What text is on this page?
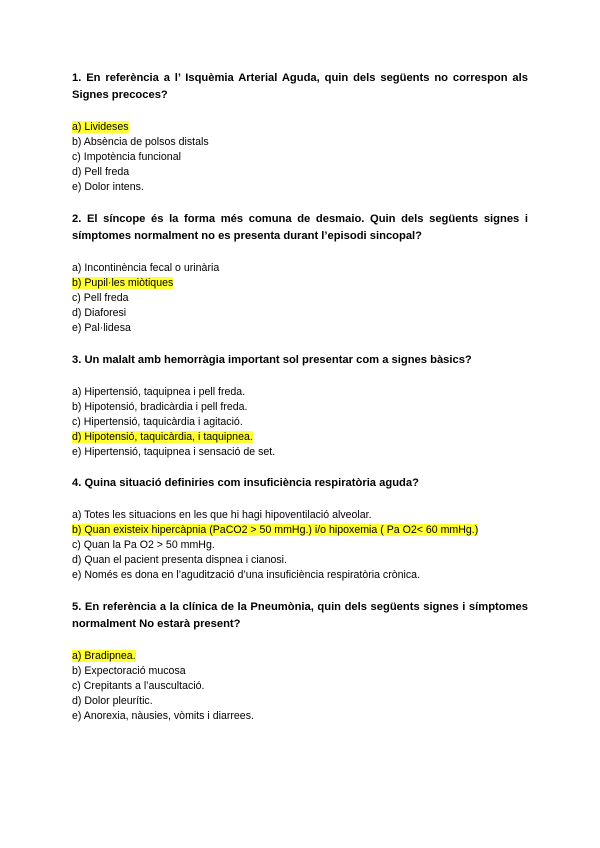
1. En referència a l’ Isquèmia Arterial Aguda, quin dels següents no correspon als Signes precoces?

a) Livideses
b) Absència de polsos distals
c) Impotència funcional
d) Pell freda
e) Dolor intens.

2. El síncope és la forma més comuna de desmaio. Quin dels següents signes i símptomes normalment no es presenta durant l’episodi sincopal?

a) Incontinència fecal o urinària
b) Pupil·les miòtiques
c) Pell freda
d) Diaforesi
e) Pal·lidesa

3. Un malalt amb hemorràgia important sol presentar com a signes bàsics?

a) Hipertensió, taquipnea i pell freda.
b) Hipotensió, bradicàrdia i pell freda.
c) Hipertensió, taquicàrdia i agitació.
d) Hipotensió, taquicàrdia, i taquipnea.
e) Hipertensió, taquipnea i sensació de set.

4. Quina situació definiries com insuficiència respiratòria aguda?

a) Totes les situacions en les que hi hagi hipoventilació alveolar.
b) Quan existeix hipercàpnia (PaCO2 > 50 mmHg.) i/o hipoxemia ( Pa O2< 60 mmHg.)
c) Quan la Pa O2 > 50 mmHg.
d) Quan el pacient presenta dispnea i cianosi.
e) Només es dona en l’agudització d’una insuficiència respiratòria crònica.

5. En referència a la clínica de la Pneumònia, quin dels següents signes i símptomes normalment No estarà present?

a) Bradipnea.
b) Expectoració mucosa
c) Crepitants a l’auscultació.
d) Dolor pleurític.
e) Anorexia, nàusies, vòmits i diarrees.
